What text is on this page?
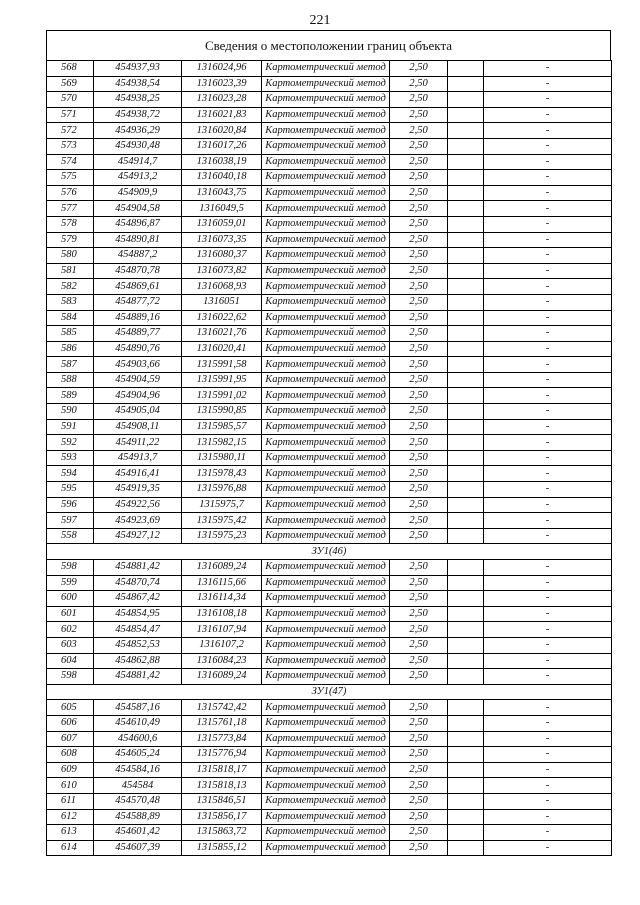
221
Сведения о местоположении границ объекта
568	454937,93	1316024,96	Картометрический метод	2,50		-
569	454938,54	1316023,39	Картометрический метод	2,50		-
570	454938,25	1316023,28	Картометрический метод	2,50		-
571	454938,72	1316021,83	Картометрический метод	2,50		-
572	454936,29	1316020,84	Картометрический метод	2,50		-
573	454930,48	1316017,26	Картометрический метод	2,50		-
574	454914,7	1316038,19	Картометрический метод	2,50		-
575	454913,2	1316040,18	Картометрический метод	2,50		-
576	454909,9	1316043,75	Картометрический метод	2,50		-
577	454904,58	1316049,5	Картометрический метод	2,50		-
578	454896,87	1316059,01	Картометрический метод	2,50		-
579	454890,81	1316073,35	Картометрический метод	2,50		-
580	454887,2	1316080,37	Картометрический метод	2,50		-
581	454870,78	1316073,82	Картометрический метод	2,50		-
582	454869,61	1316068,93	Картометрический метод	2,50		-
583	454877,72	1316051	Картометрический метод	2,50		-
584	454889,16	1316022,62	Картометрический метод	2,50		-
585	454889,77	1316021,76	Картометрический метод	2,50		-
586	454890,76	1316020,41	Картометрический метод	2,50		-
587	454903,66	1315991,58	Картометрический метод	2,50		-
588	454904,59	1315991,95	Картометрический метод	2,50		-
589	454904,96	1315991,02	Картометрический метод	2,50		-
590	454905,04	1315990,85	Картометрический метод	2,50		-
591	454908,11	1315985,57	Картометрический метод	2,50		-
592	454911,22	1315982,15	Картометрический метод	2,50		-
593	454913,7	1315980,11	Картометрический метод	2,50		-
594	454916,41	1315978,43	Картометрический метод	2,50		-
595	454919,35	1315976,88	Картометрический метод	2,50		-
596	454922,56	1315975,7	Картометрический метод	2,50		-
597	454923,69	1315975,42	Картометрический метод	2,50		-
558	454927,12	1315975,23	Картометрический метод	2,50		-
ЗУ1(46)						
598	454881,42	1316089,24	Картометрический метод	2,50		-
599	454870,74	1316115,66	Картометрический метод	2,50		-
600	454867,42	1316114,34	Картометрический метод	2,50		-
601	454854,95	1316108,18	Картометрический метод	2,50		-
602	454854,47	1316107,94	Картометрический метод	2,50		-
603	454852,53	1316107,2	Картометрический метод	2,50		-
604	454862,88	1316084,23	Картометрический метод	2,50		-
598	454881,42	1316089,24	Картометрический метод	2,50		-
ЗУ1(47)						
605	454587,16	1315742,42	Картометрический метод	2,50		-
606	454610,49	1315761,18	Картометрический метод	2,50		-
607	454600,6	1315773,84	Картометрический метод	2,50		-
608	454605,24	1315776,94	Картометрический метод	2,50		-
609	454584,16	1315818,17	Картометрический метод	2,50		-
610	454584	1315818,13	Картометрический метод	2,50		-
611	454570,48	1315846,51	Картометрический метод	2,50		-
612	454588,89	1315856,17	Картометрический метод	2,50		-
613	454601,42	1315863,72	Картометрический метод	2,50		-
614	454607,39	1315855,12	Картометрический метод	2,50		-
